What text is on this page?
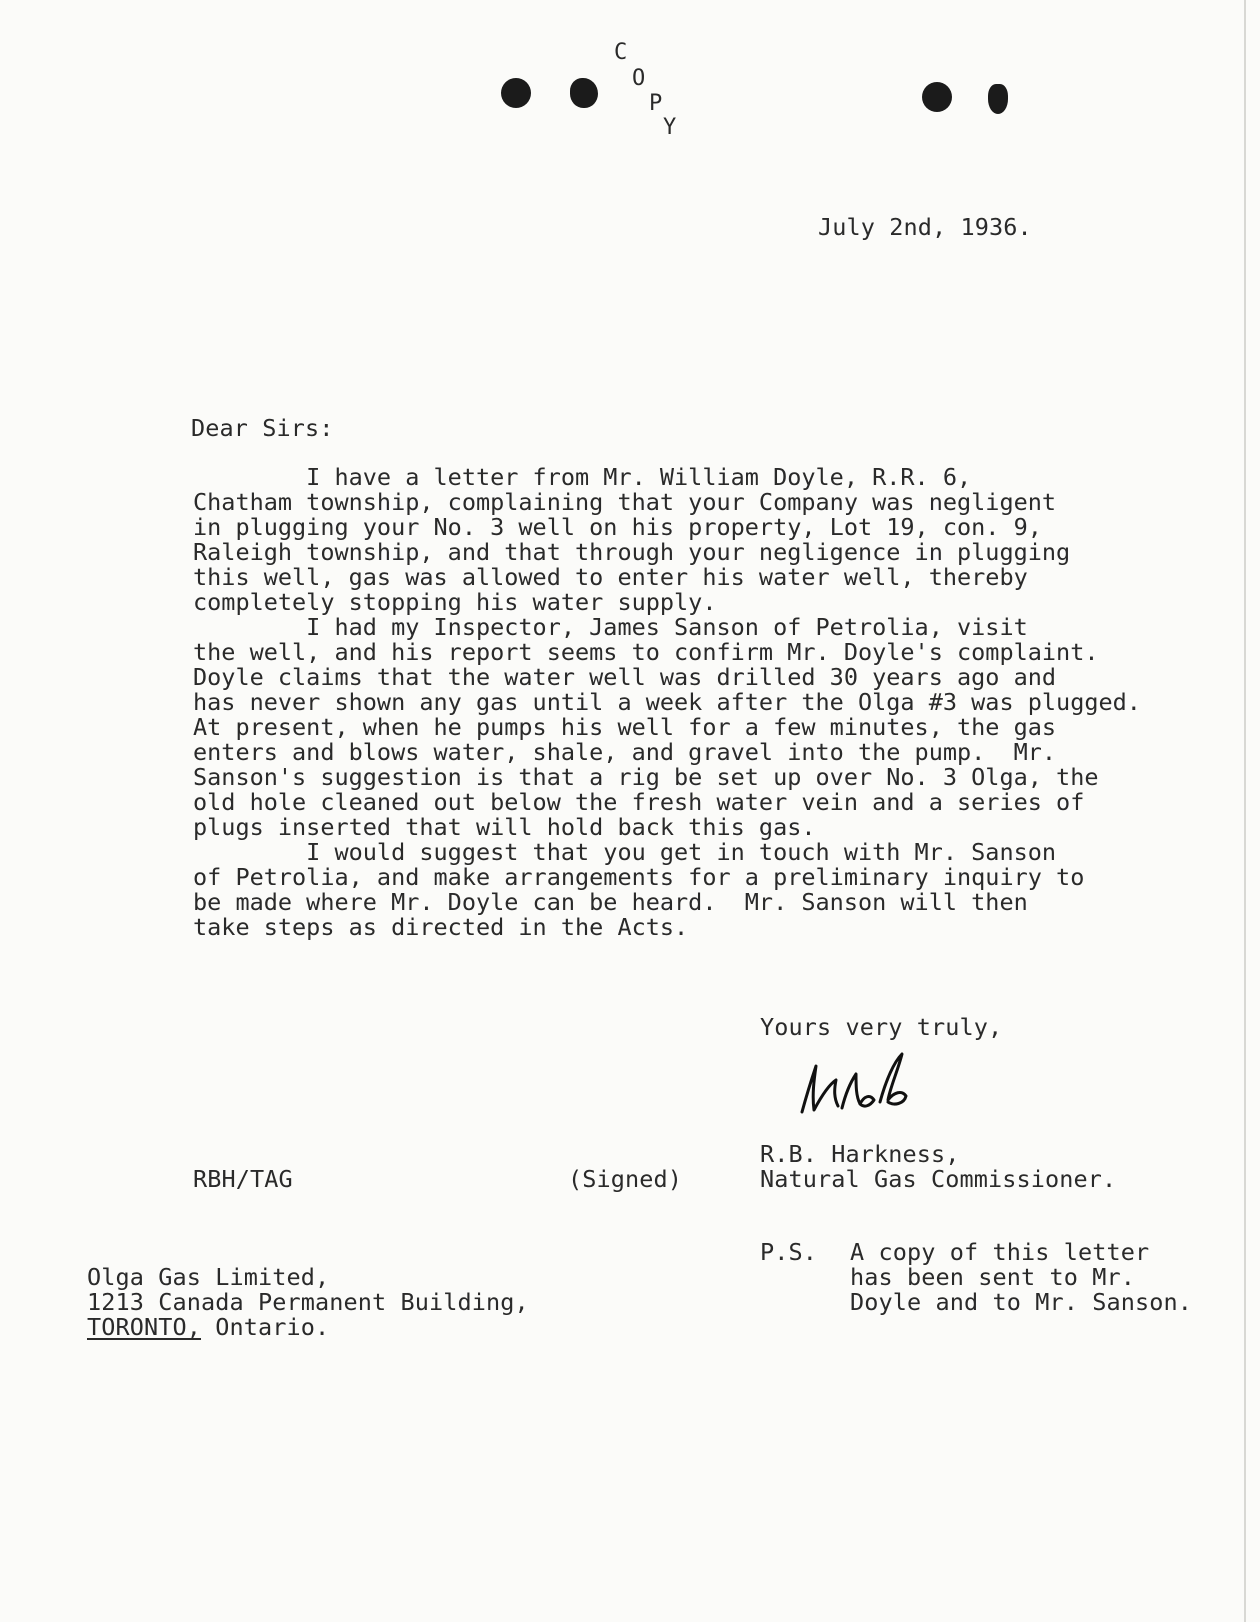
C
O
P
Y

July 2nd, 1936.

Dear Sirs:

I have a letter from Mr. William Doyle, R.R. 6,

Chatham township, complaining that your Company was negligent

in plugging your No. 3 well on his property, Lot 19, con. 9,

Raleigh township, and that through your negligence in plugging

this well, gas was allowed to enter his water well, thereby

completely stopping his water supply.

I had my Inspector, James Sanson of Petrolia, visit

the well, and his report seems to confirm Mr. Doyle's complaint.

Doyle claims that the water well was drilled 30 years ago and

has never shown any gas until a week after the Olga #3 was plugged.

At present, when he pumps his well for a few minutes, the gas

enters and blows water, shale, and gravel into the pump.  Mr.

Sanson's suggestion is that a rig be set up over No. 3 Olga, the

old hole cleaned out below the fresh water vein and a series of

plugs inserted that will hold back this gas.

I would suggest that you get in touch with Mr. Sanson

of Petrolia, and make arrangements for a preliminary inquiry to

be made where Mr. Doyle can be heard.  Mr. Sanson will then

take steps as directed in the Acts.

Yours very truly,

R.B. Harkness,

Natural Gas Commissioner.

RBH/TAG	(Signed)

P.S. A copy of this letter

has been sent to Mr.

Doyle and to Mr. Sanson.

Olga Gas Limited,

1213 Canada Permanent Building,

TORONTO, Ontario.
